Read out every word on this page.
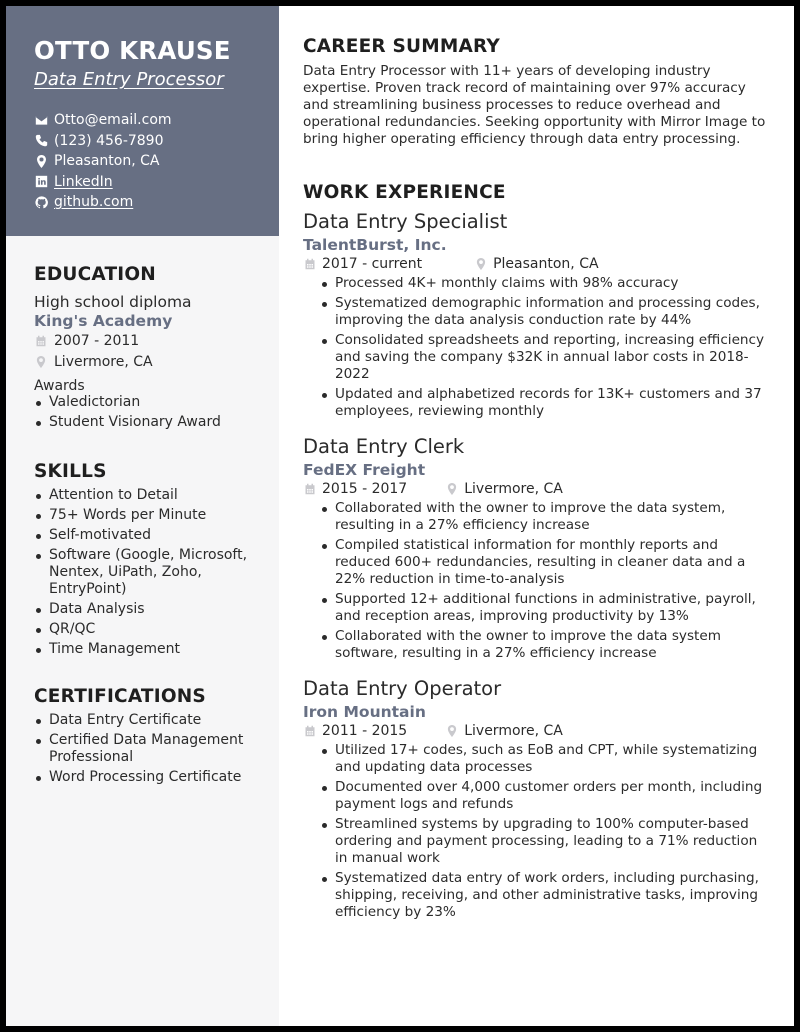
OTTO KRAUSE
Data Entry Processor
Otto@email.com
(123) 456-7890
Pleasanton, CA
LinkedIn
github.com
EDUCATION
High school diploma
King's Academy
2007 - 2011
Livermore, CA
Awards
Valedictorian
Student Visionary Award
SKILLS
Attention to Detail
75+ Words per Minute
Self-motivated
Software (Google, Microsoft, Nentex, UiPath, Zoho, EntryPoint)
Data Analysis
QR/QC
Time Management
CERTIFICATIONS
Data Entry Certificate
Certified Data Management Professional
Word Processing Certificate
CAREER SUMMARY

Data Entry Processor with 11+ years of developing industry expertise. Proven track record of maintaining over 97% accuracy and streamlining business processes to reduce overhead and operational redundancies. Seeking opportunity with Mirror Image to bring higher operating efficiency through data entry processing.

WORK EXPERIENCE
Data Entry Specialist
TalentBurst, Inc.
2017 - current	Pleasanton, CA
Processed 4K+ monthly claims with 98% accuracy
Systematized demographic information and processing codes, improving the data analysis conduction rate by 44%
Consolidated spreadsheets and reporting, increasing efficiency and saving the company $32K in annual labor costs in 2018-2022
Updated and alphabetized records for 13K+ customers and 37 employees, reviewing monthly
Data Entry Clerk
FedEX Freight
2015 - 2017	Livermore, CA
Collaborated with the owner to improve the data system, resulting in a 27% efficiency increase
Compiled statistical information for monthly reports and reduced 600+ redundancies, resulting in cleaner data and a 22% reduction in time-to-analysis
Supported 12+ additional functions in administrative, payroll, and reception areas, improving productivity by 13%
Collaborated with the owner to improve the data system software, resulting in a 27% efficiency increase
Data Entry Operator
Iron Mountain
2011 - 2015	Livermore, CA
Utilized 17+ codes, such as EoB and CPT, while systematizing and updating data processes
Documented over 4,000 customer orders per month, including payment logs and refunds
Streamlined systems by upgrading to 100% computer-based ordering and payment processing, leading to a 71% reduction in manual work
Systematized data entry of work orders, including purchasing, shipping, receiving, and other administrative tasks, improving efficiency by 23%
